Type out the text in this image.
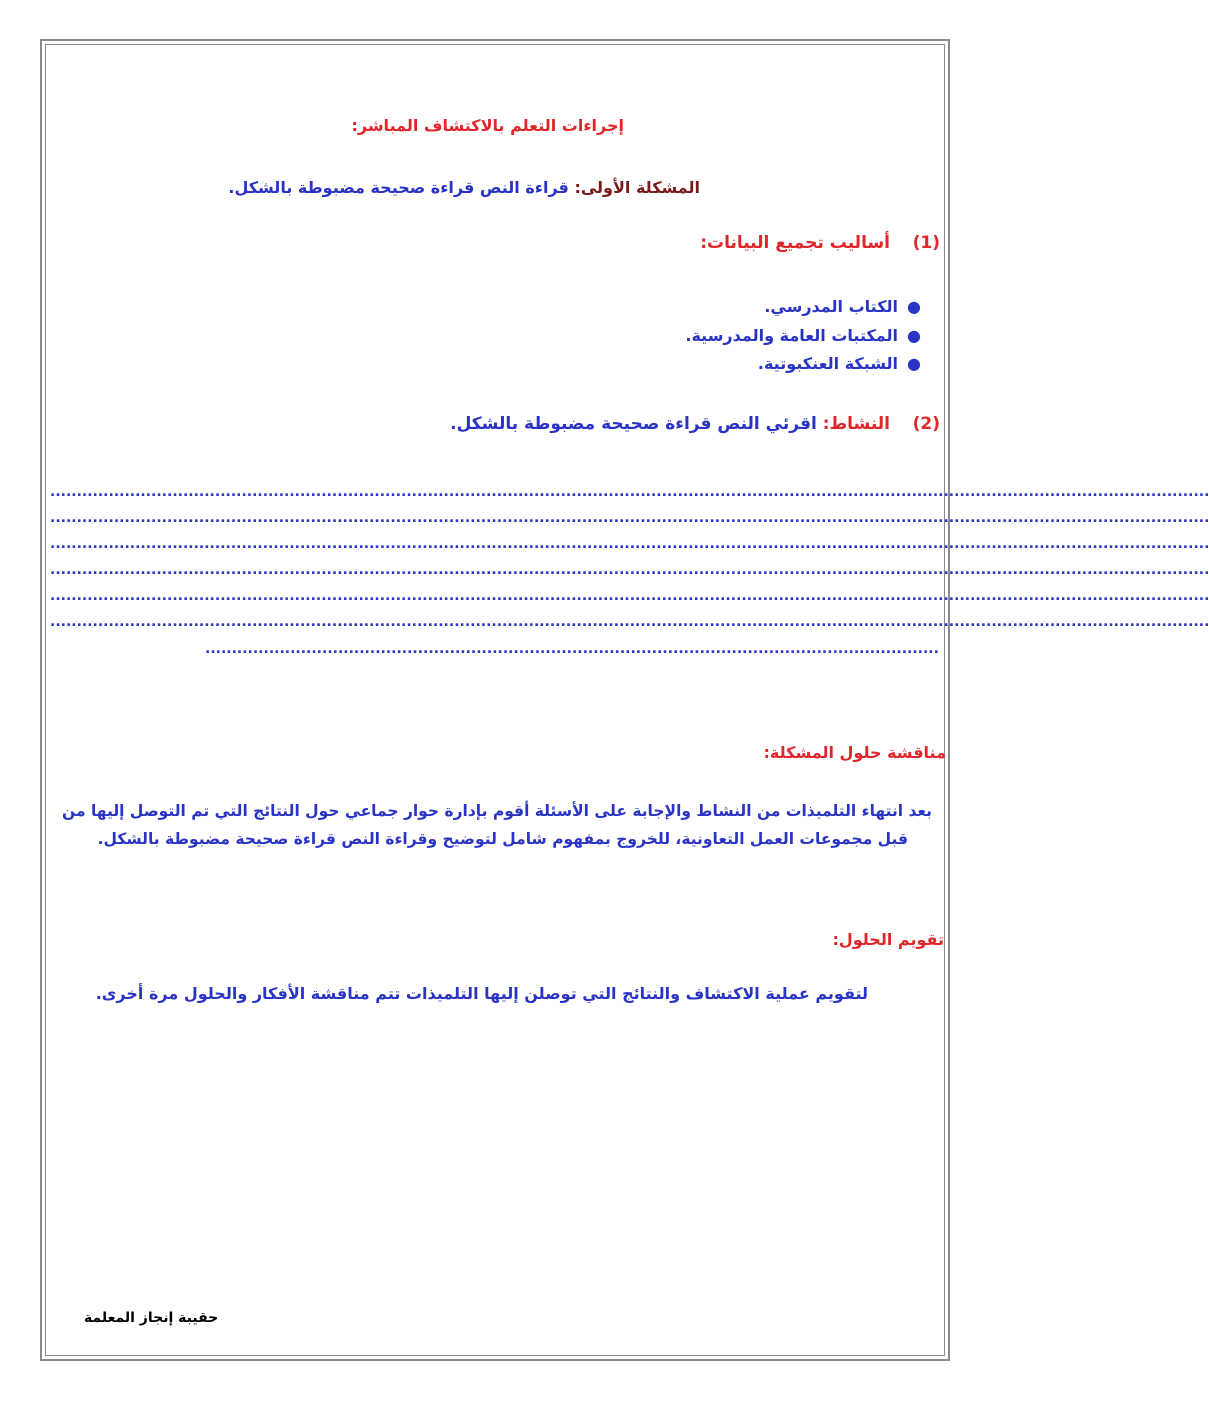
إجراءات التعلم بالاكتشاف المباشر:
المشكلة الأولى: قراءة النص قراءة صحيحة مضبوطة بالشكل.
(1)أساليب تجميع البيانات:
●الكتاب المدرسي.
●المكتبات العامة والمدرسية.
●الشبكة العنكبوتية.
(2)النشاط: اقرئي النص قراءة صحيحة مضبوطة بالشكل.
..........................................................................................................................................................................................................................
..........................................................................................................................................................................................................................
..........................................................................................................................................................................................................................
..........................................................................................................................................................................................................................
..........................................................................................................................................................................................................................
..........................................................................................................................................................................................................................
..........................................................................................................................................
مناقشة حلول المشكلة:
بعد انتهاء التلميذات من النشاط والإجابة على الأسئلة أقوم بإدارة حوار جماعي حول النتائج التي تم التوصل إليها من
قبل مجموعات العمل التعاونية، للخروج بمفهوم شامل لتوضيح وقراءة النص قراءة صحيحة مضبوطة بالشكل.
تقويم الحلول:
لتقويم عملية الاكتشاف والنتائج التي توصلن إليها التلميذات تتم مناقشة الأفكار والحلول مرة أخرى.
حقيبة إنجاز المعلمة
